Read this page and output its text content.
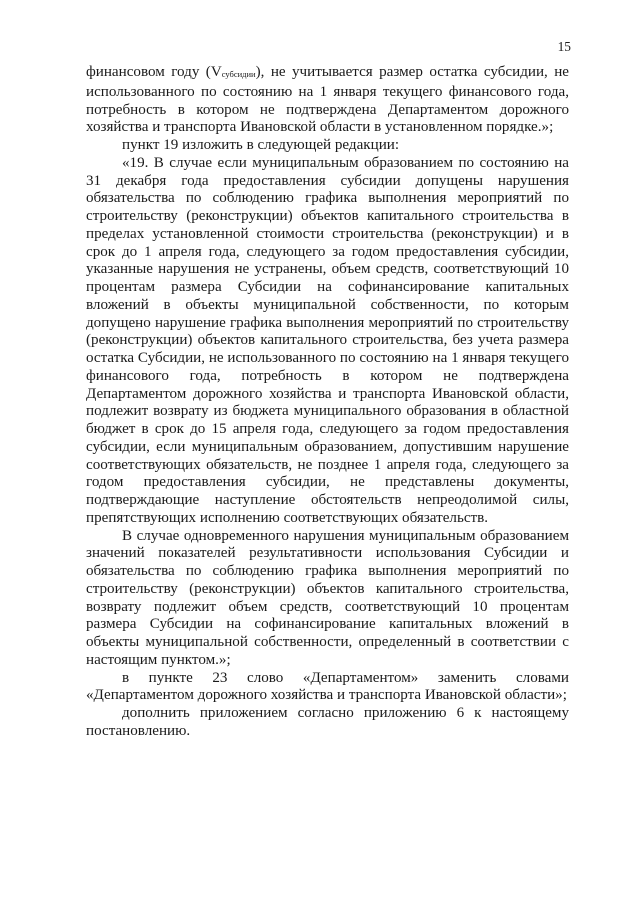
15

финансовом году $(V_{субсидии})$, не учитывается размер остатка субсидии, не использованного по состоянию на 1 января текущего финансового года, потребность в котором не подтверждена Департаментом дорожного хозяйства и транспорта Ивановской области в установленном порядке.»;

пункт 19 изложить в следующей редакции:

«19. В случае если муниципальным образованием по состоянию на 31 декабря года предоставления субсидии допущены нарушения обязательства по соблюдению графика выполнения мероприятий по строительству (реконструкции) объектов капитального строительства в пределах установленной стоимости строительства (реконструкции) и в срок до 1 апреля года, следующего за годом предоставления субсидии, указанные нарушения не устранены, объем средств, соответствующий 10 процентам размера Субсидии на софинансирование капитальных вложений в объекты муниципальной собственности, по которым допущено нарушение графика выполнения мероприятий по строительству (реконструкции) объектов капитального строительства, без учета размера остатка Субсидии, не использованного по состоянию на 1 января текущего финансового года, потребность в котором не подтверждена Департаментом дорожного хозяйства и транспорта Ивановской области, подлежит возврату из бюджета муниципального образования в областной бюджет в срок до 15 апреля года, следующего за годом предоставления субсидии, если муниципальным образованием, допустившим нарушение соответствующих обязательств, не позднее 1 апреля года, следующего за годом предоставления субсидии, не представлены документы, подтверждающие наступление обстоятельств непреодолимой силы, препятствующих исполнению соответствующих обязательств.

В случае одновременного нарушения муниципальным образованием значений показателей результативности использования Субсидии и обязательства по соблюдению графика выполнения мероприятий по строительству (реконструкции) объектов капитального строительства, возврату подлежит объем средств, соответствующий 10 процентам размера Субсидии на софинансирование капитальных вложений в объекты муниципальной собственности, определенный в соответствии с настоящим пунктом.»;

в пункте 23 слово «Департаментом» заменить словами «Департаментом дорожного хозяйства и транспорта Ивановской области»;

дополнить приложением согласно приложению 6 к настоящему постановлению.
